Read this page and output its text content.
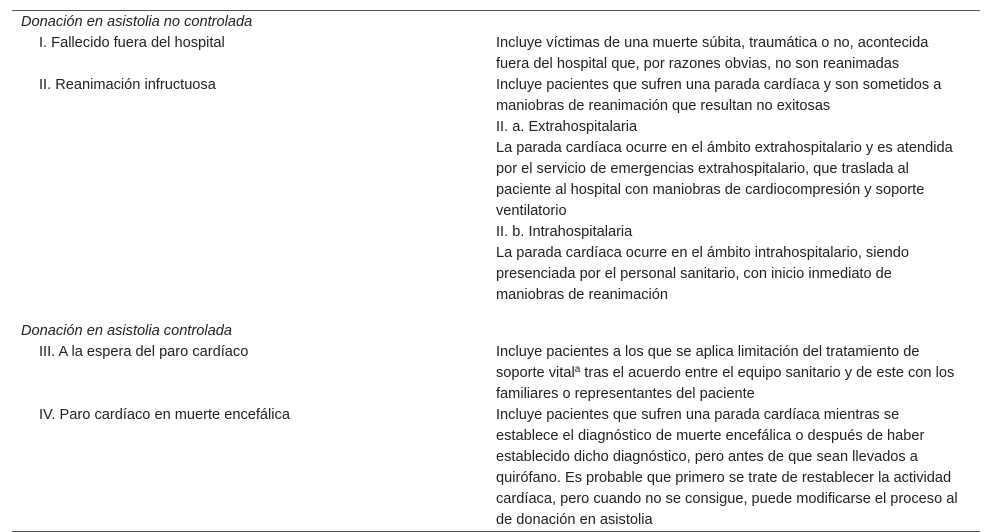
Donación en asistolia no controlada	
I. Fallecido fuera del hospital	Incluye víctimas de una muerte súbita, traumática o no, acontecida fuera del hospital que, por razones obvias, no son reanimadas

II. Reanimación infructuosa	Incluye pacientes que sufren una parada cardíaca y son sometidos a maniobras de reanimación que resultan no exitosas
II. a. Extrahospitalaria
La parada cardíaca ocurre en el ámbito extrahospitalario y es atendida por el servicio de emergencias extrahospitalario, que traslada al paciente al hospital con maniobras de cardiocompresión y soporte ventilatorio
II. b. Intrahospitalaria
La parada cardíaca ocurre en el ámbito intrahospitalario, siendo presenciada por el personal sanitario, con inicio inmediato de maniobras de reanimación

Donación en asistolia controlada	
III. A la espera del paro cardíaco	Incluye pacientes a los que se aplica limitación del tratamiento de soporte vital$^a$ tras el acuerdo entre el equipo sanitario y de este con los familiares o representantes del paciente

IV. Paro cardíaco en muerte encefálica	Incluye pacientes que sufren una parada cardíaca mientras se establece el diagnóstico de muerte encefálica o después de haber establecido dicho diagnóstico, pero antes de que sean llevados a quirófano. Es probable que primero se trate de restablecer la actividad cardíaca, pero cuando no se consigue, puede modificarse el proceso al de donación en asistolia
